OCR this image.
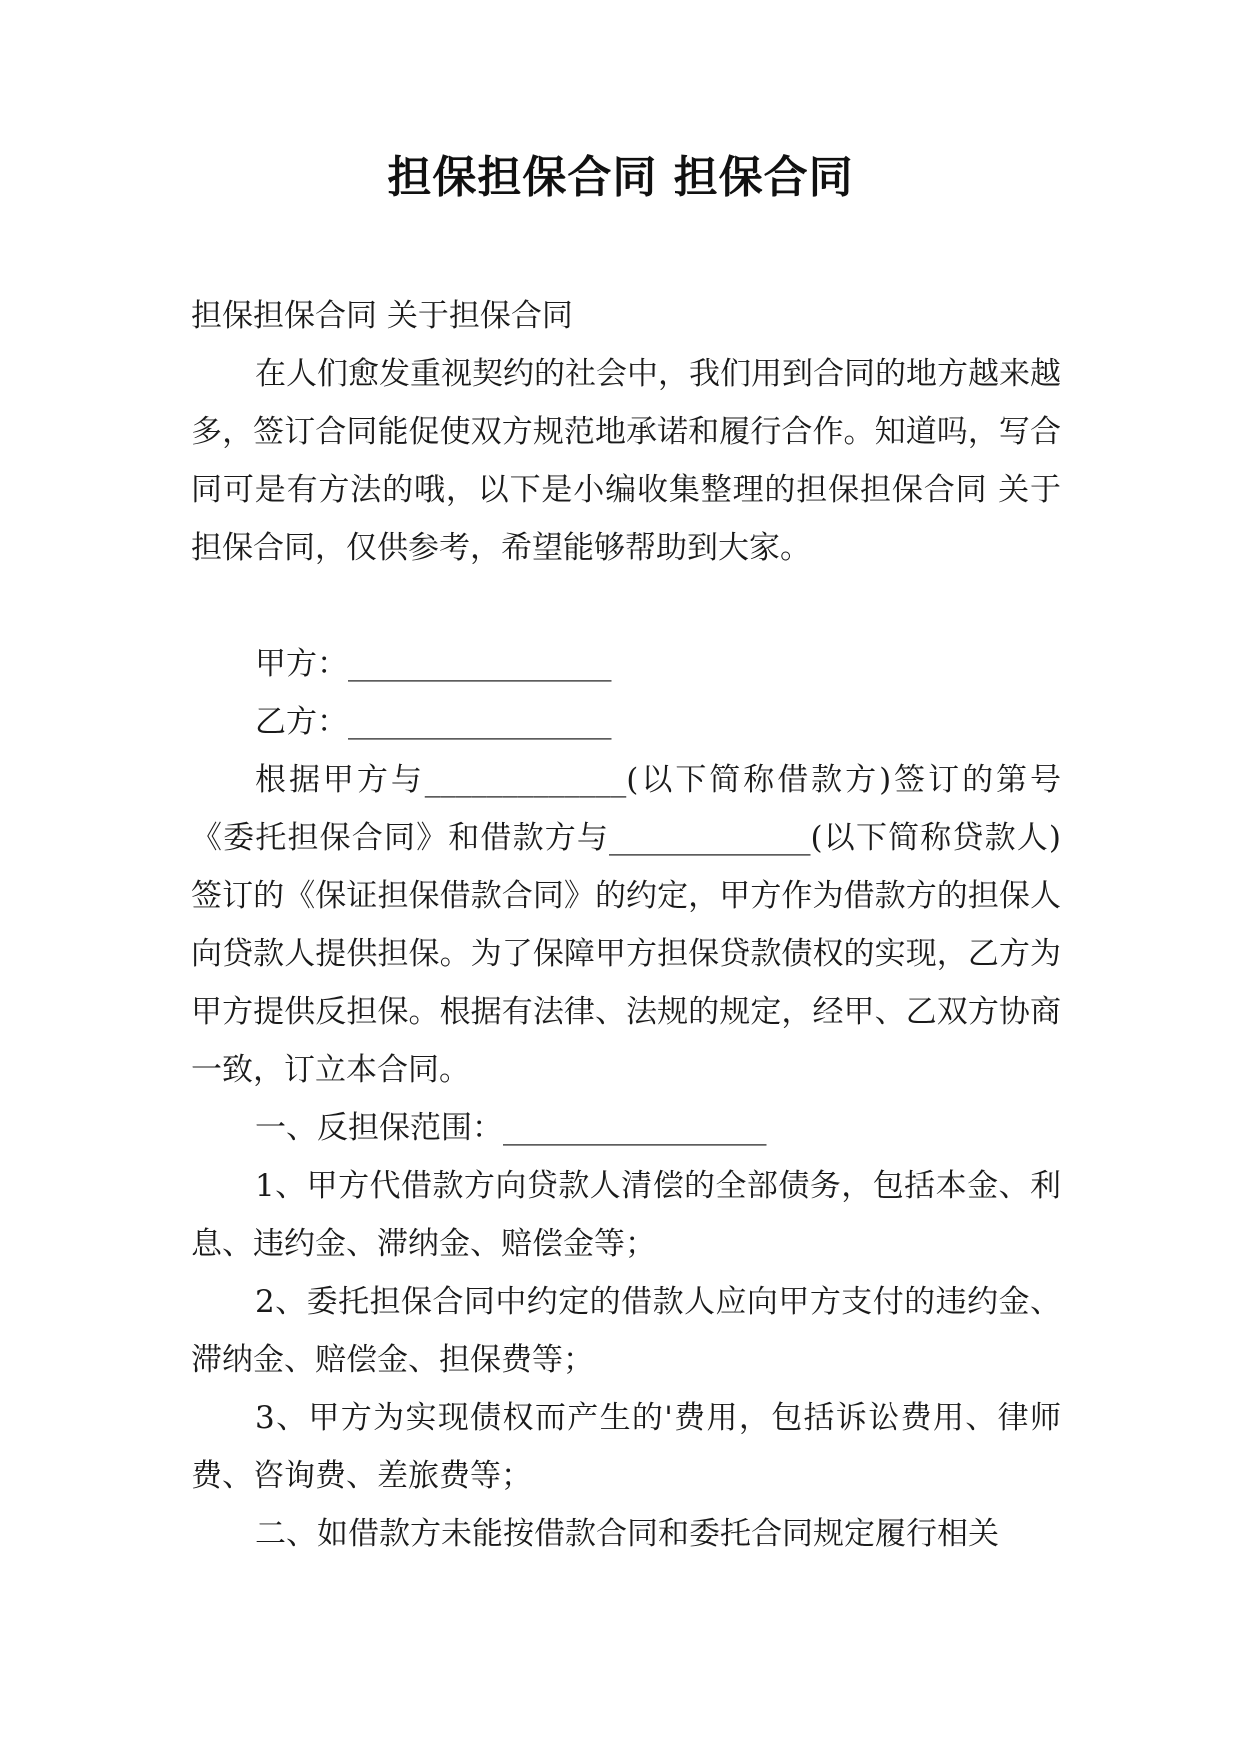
担保担保合同 担保合同

担保担保合同 关于担保合同

在人们愈发重视契约的社会中，我们用到合同的地方越来越多，签订合同能促使双方规范地承诺和履行合作。知道吗，写合同可是有方法的哦，以下是小编收集整理的担保担保合同 关于担保合同，仅供参考，希望能够帮助到大家。

甲方：_________________

乙方：_________________

根据甲方与_____________(以下简称借款方)签订的第号《委托担保合同》和借款方与_____________(以下简称贷款人)签订的《保证担保借款合同》的约定，甲方作为借款方的担保人向贷款人提供担保。为了保障甲方担保贷款债权的实现，乙方为甲方提供反担保。根据有法律、法规的规定，经甲、乙双方协商一致，订立本合同。

一、反担保范围：_________________

1、甲方代借款方向贷款人清偿的全部债务，包括本金、利息、违约金、滞纳金、赔偿金等；

2、委托担保合同中约定的借款人应向甲方支付的违约金、滞纳金、赔偿金、担保费等；

3、甲方为实现债权而产生的'费用，包括诉讼费用、律师费、咨询费、差旅费等；

二、如借款方未能按借款合同和委托合同规定履行相关
